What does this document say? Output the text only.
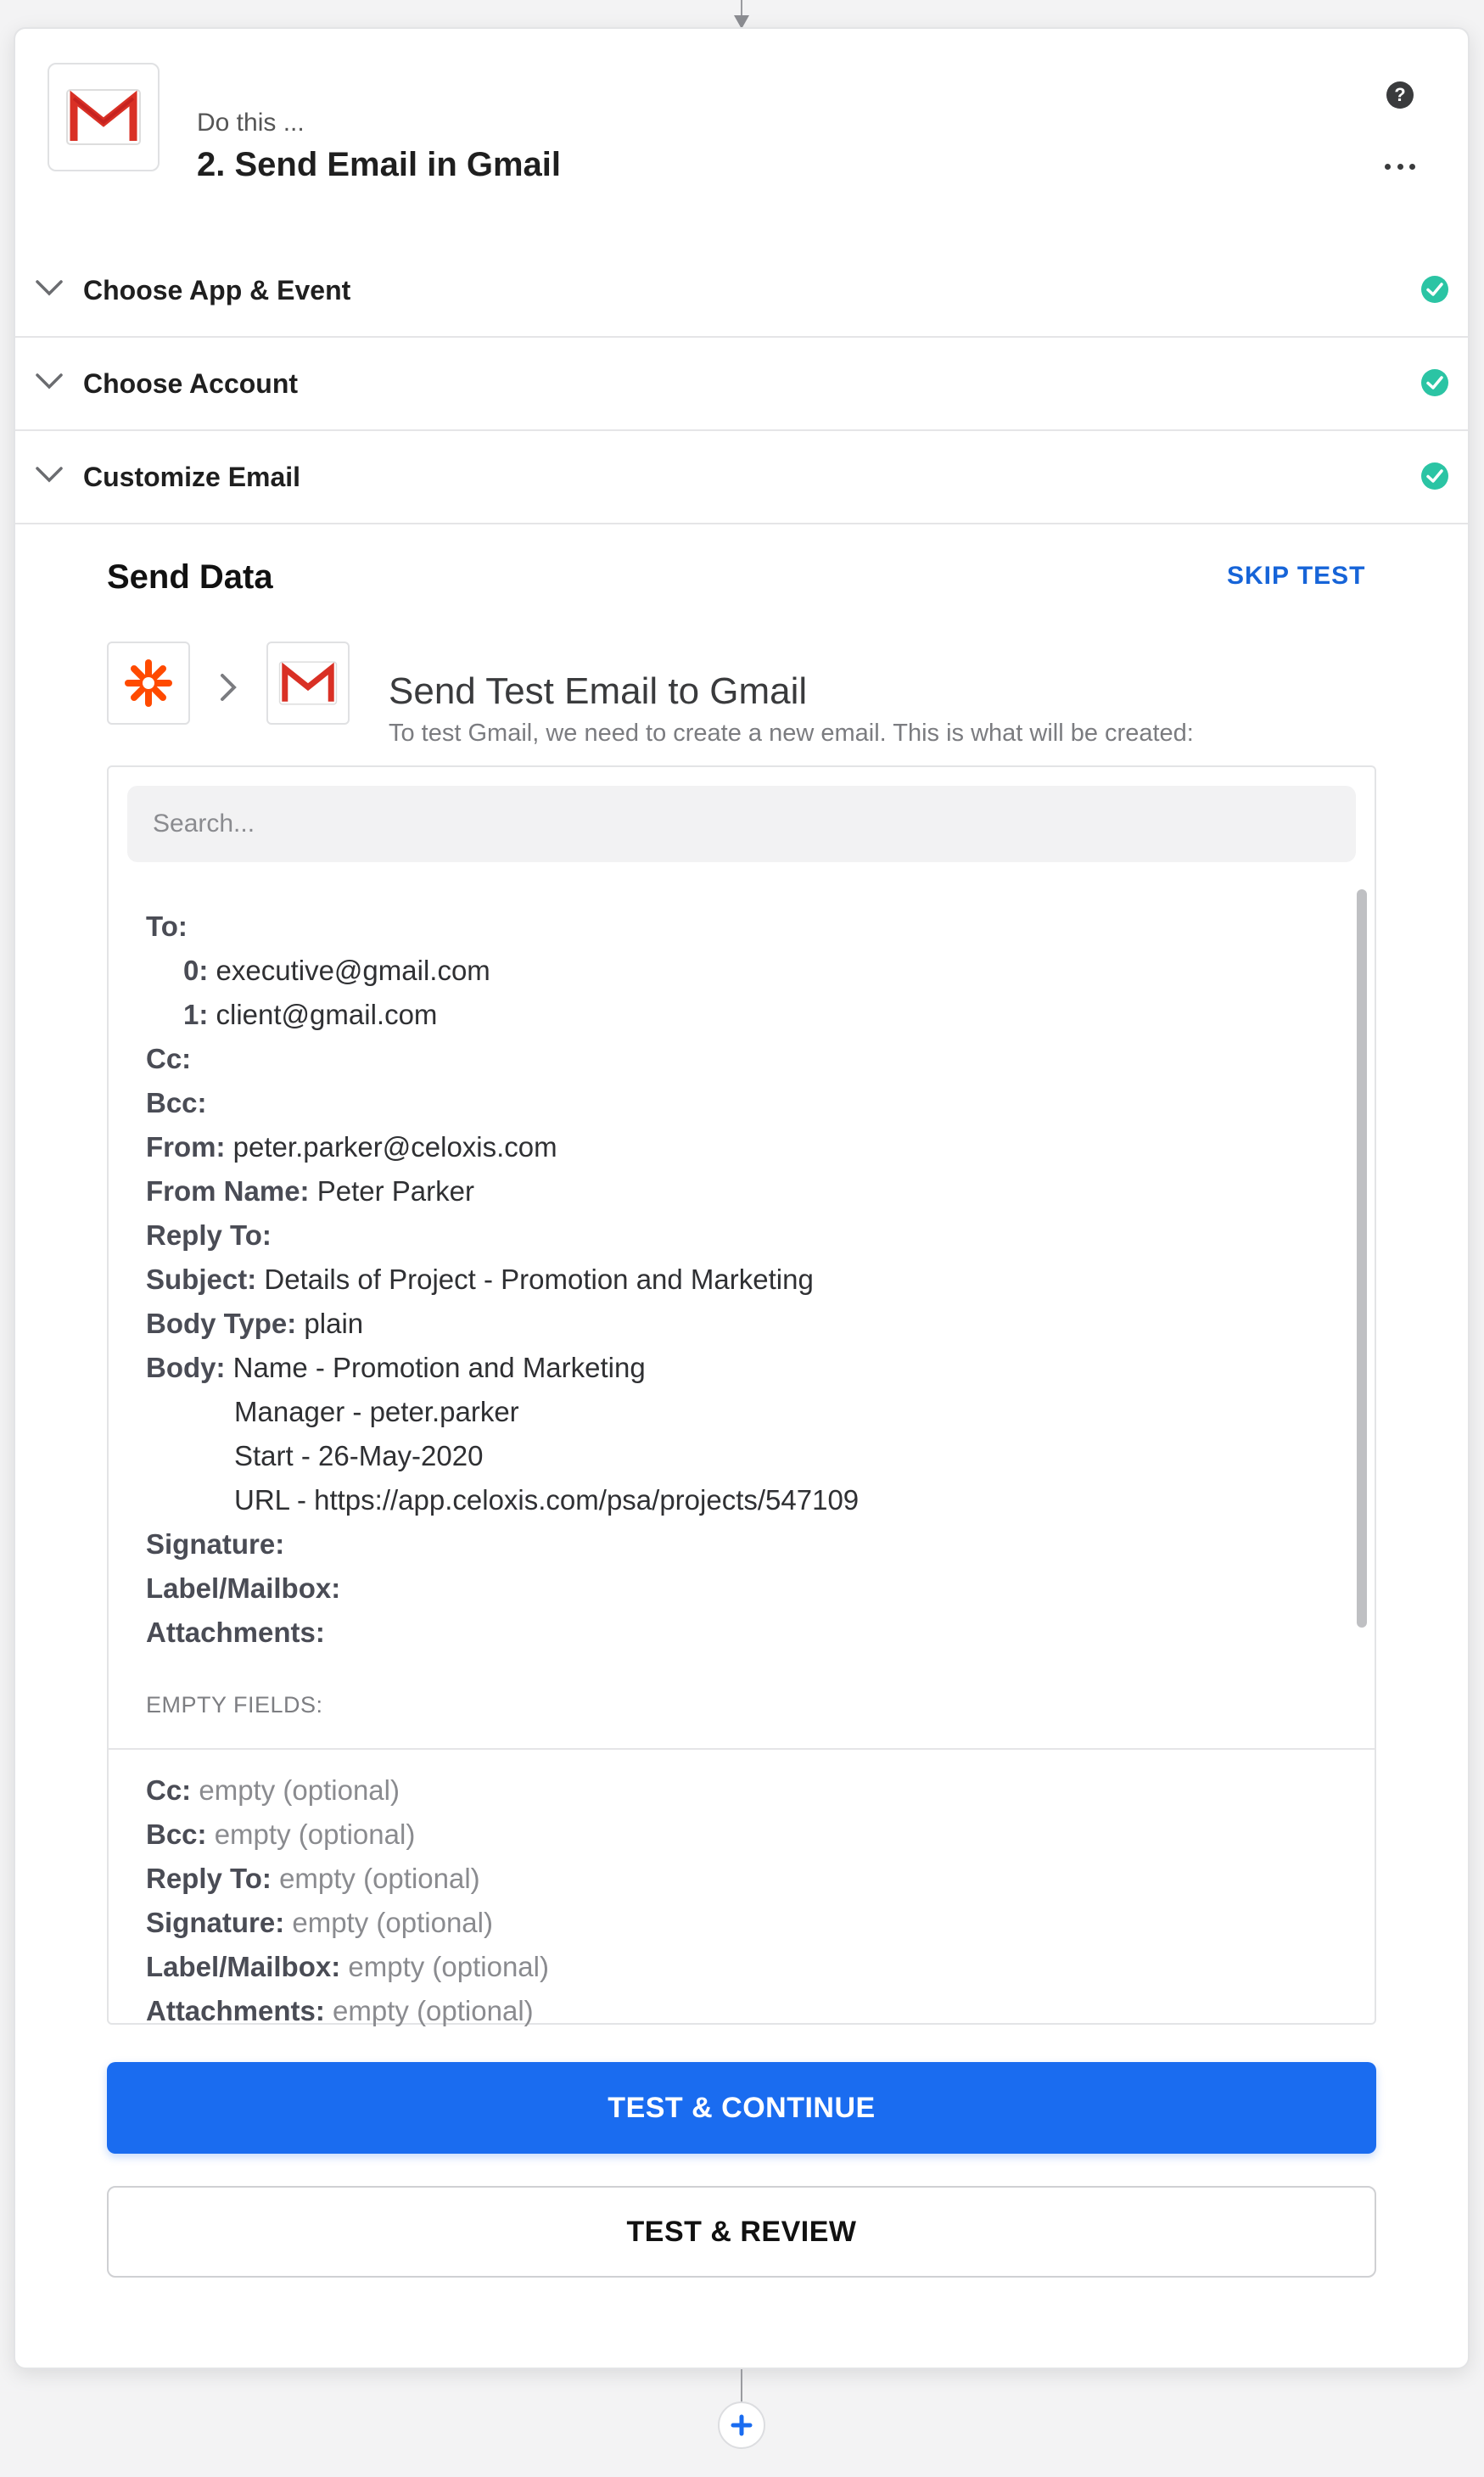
Do this ...
2. Send Email in Gmail
?
Choose App & Event
Choose Account
Customize Email
Send Data	SKIP TEST
Send Test Email to Gmail
To test Gmail, we need to create a new email. This is what will be created:
Search...
To:
0: executive@gmail.com
1: client@gmail.com
Cc:
Bcc:
From: peter.parker@celoxis.com
From Name: Peter Parker
Reply To:
Subject: Details of Project - Promotion and Marketing
Body Type: plain
Body: Name - Promotion and Marketing
Manager - peter.parker
Start - 26-May-2020
URL - https://app.celoxis.com/psa/projects/547109
Signature:
Label/Mailbox:
Attachments:
EMPTY FIELDS:
Cc: empty (optional)
Bcc: empty (optional)
Reply To: empty (optional)
Signature: empty (optional)
Label/Mailbox: empty (optional)
Attachments: empty (optional)
TEST & CONTINUE
TEST & REVIEW
